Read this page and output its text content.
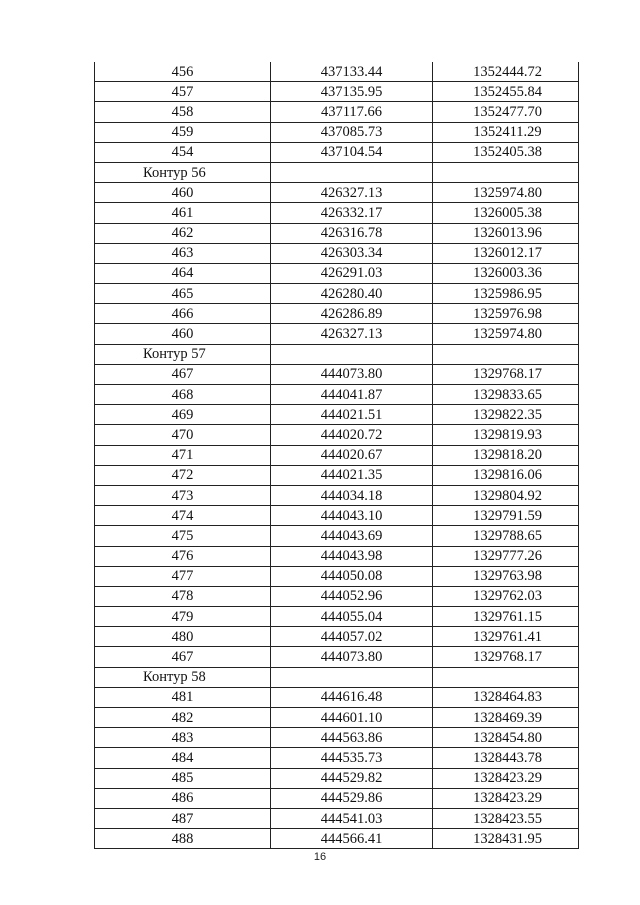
456	437133.44	1352444.72
457	437135.95	1352455.84
458	437117.66	1352477.70
459	437085.73	1352411.29
454	437104.54	1352405.38
Контур 56		
460	426327.13	1325974.80
461	426332.17	1326005.38
462	426316.78	1326013.96
463	426303.34	1326012.17
464	426291.03	1326003.36
465	426280.40	1325986.95
466	426286.89	1325976.98
460	426327.13	1325974.80
Контур 57		
467	444073.80	1329768.17
468	444041.87	1329833.65
469	444021.51	1329822.35
470	444020.72	1329819.93
471	444020.67	1329818.20
472	444021.35	1329816.06
473	444034.18	1329804.92
474	444043.10	1329791.59
475	444043.69	1329788.65
476	444043.98	1329777.26
477	444050.08	1329763.98
478	444052.96	1329762.03
479	444055.04	1329761.15
480	444057.02	1329761.41
467	444073.80	1329768.17
Контур 58		
481	444616.48	1328464.83
482	444601.10	1328469.39
483	444563.86	1328454.80
484	444535.73	1328443.78
485	444529.82	1328423.29
486	444529.86	1328423.29
487	444541.03	1328423.55
488	444566.41	1328431.95
16
